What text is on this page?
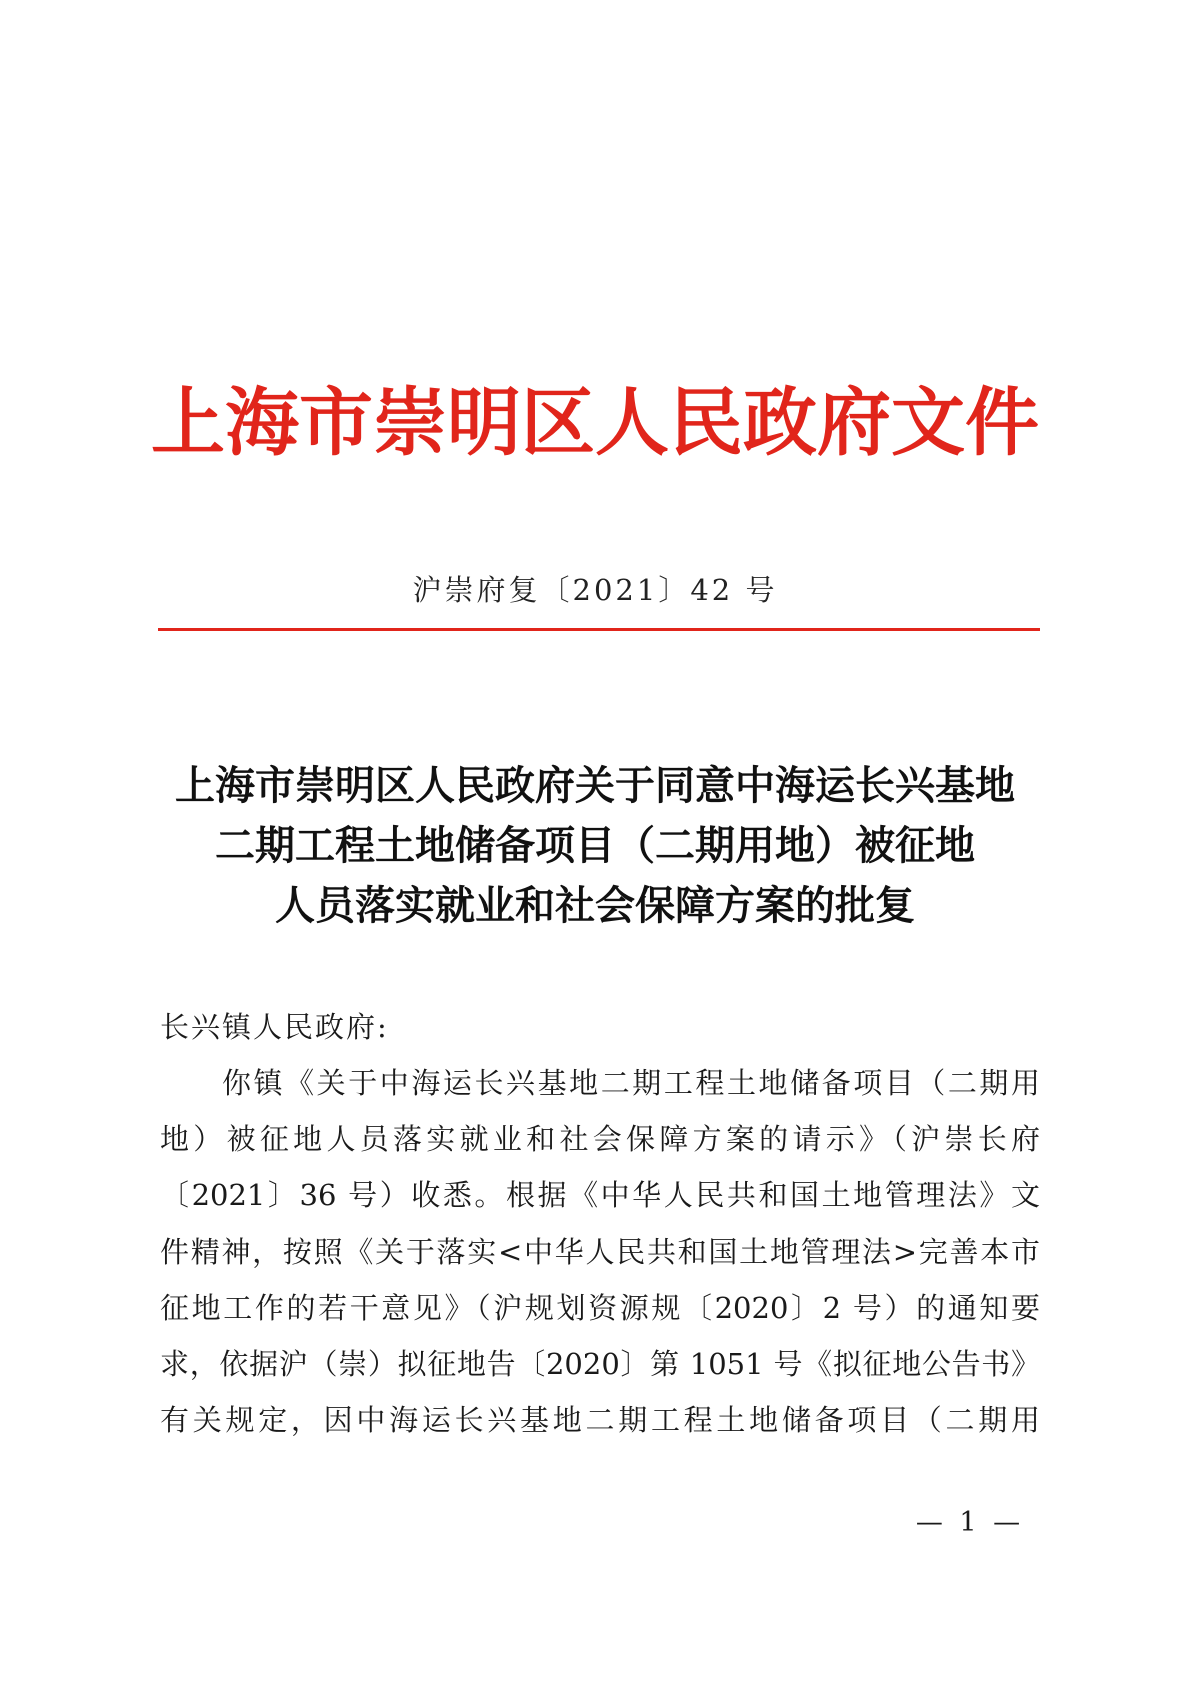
上海市崇明区人民政府文件
沪崇府复〔2021〕42 号
上海市崇明区人民政府关于同意中海运长兴基地
二期工程土地储备项目（二期用地）被征地
人员落实就业和社会保障方案的批复
长兴镇人民政府:
你镇《关于中海运长兴基地二期工程土地储备项目（二期用
地）被征地人员落实就业和社会保障方案的请示》（沪崇长府
〔2021〕36 号）收悉。根据《中华人民共和国土地管理法》文
件精神，按照《关于落实<中华人民共和国土地管理法>完善本市
征地工作的若干意见》（沪规划资源规〔2020〕2 号）的通知要
求，依据沪（崇）拟征地告〔2020〕第 1051 号《拟征地公告书》
有关规定，因中海运长兴基地二期工程土地储备项目（二期用
— 1 —
